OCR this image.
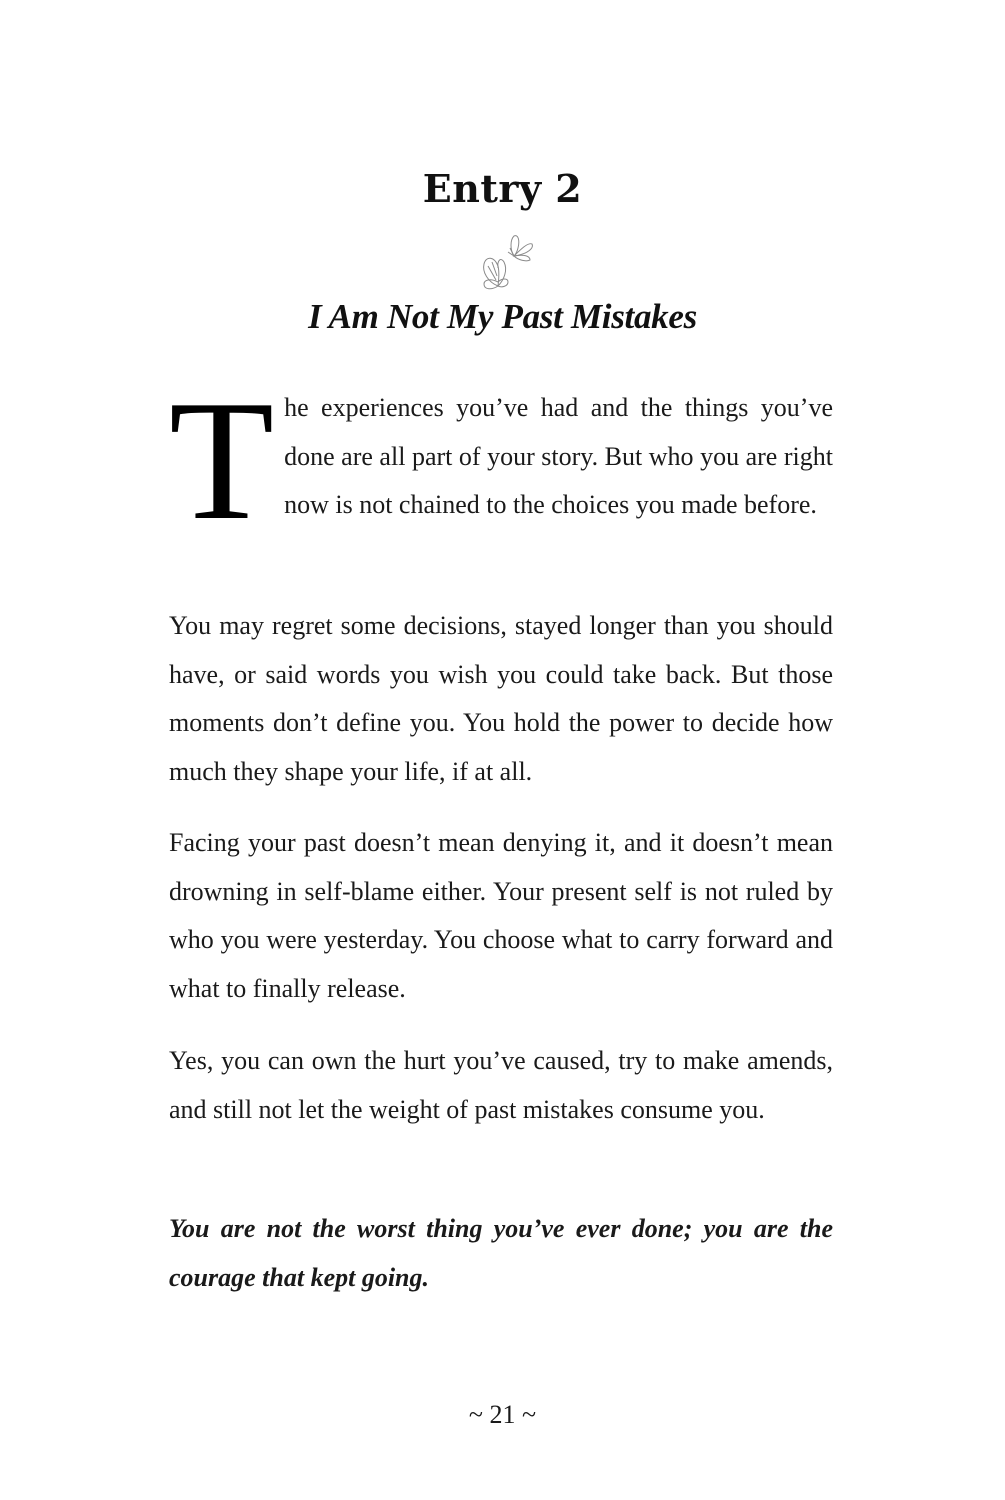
Entry 2
I Am Not My Past Mistakes
The experiences you’ve had and the things you’ve done are all part of your story. But who you are right now is not chained to the choices you made before.
You may regret some decisions, stayed longer than you should have, or said words you wish you could take back. But those moments don’t define you. You hold the power to decide how much they shape your life, if at all.
Facing your past doesn’t mean denying it, and it doesn’t mean drowning in self-blame either. Your present self is not ruled by who you were yesterday. You choose what to carry forward and what to finally release.
Yes, you can own the hurt you’ve caused, try to make amends, and still not let the weight of past mistakes consume you.
You are not the worst thing you’ve ever done; you are the courage that kept going.
~ 21 ~
